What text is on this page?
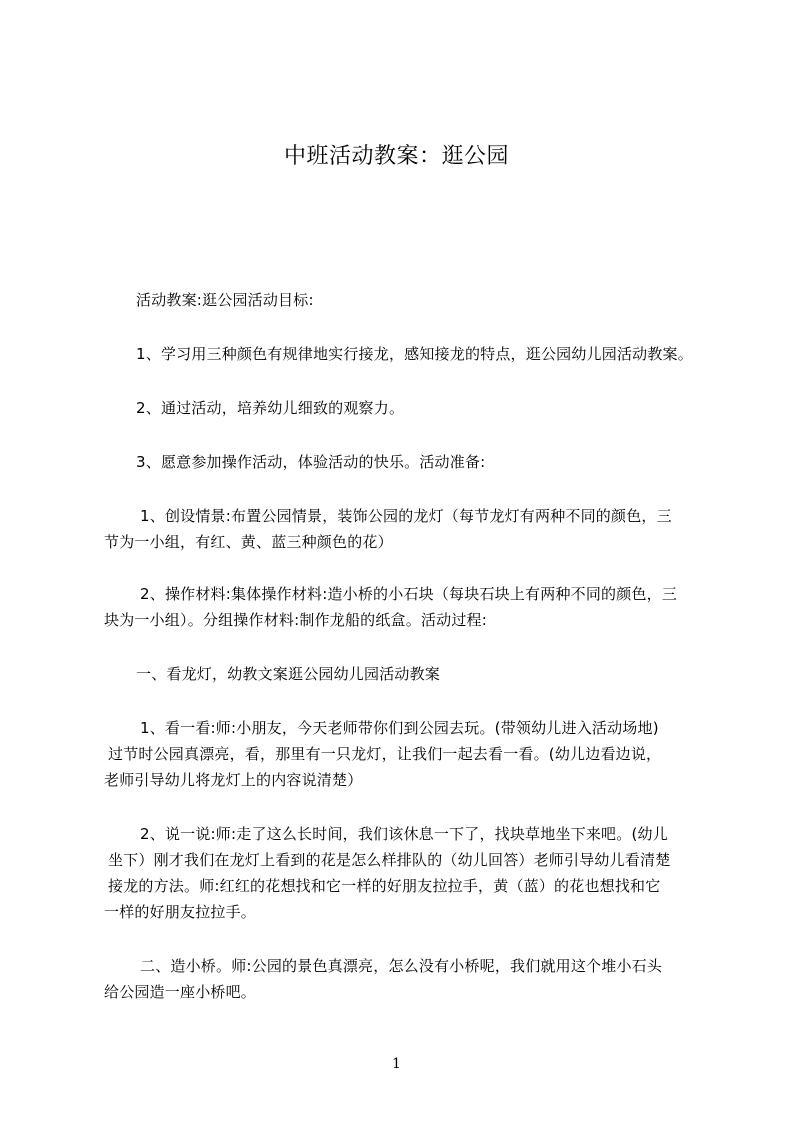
中班活动教案：逛公园
活动教案:逛公园活动目标:
1、学习用三种颜色有规律地实行接龙，感知接龙的特点，逛公园幼儿园活动教案。
2、通过活动，培养幼儿细致的观察力。
3、愿意参加操作活动，体验活动的快乐。活动准备:
1、创设情景:布置公园情景，装饰公园的龙灯（每节龙灯有两种不同的颜色，三
节为一小组，有红、黄、蓝三种颜色的花）
2、操作材料:集体操作材料:造小桥的小石块（每块石块上有两种不同的颜色，三
块为一小组）。分组操作材料:制作龙船的纸盒。活动过程:
一、看龙灯，幼教文案逛公园幼儿园活动教案
1、看一看:师:小朋友，今天老师带你们到公园去玩。(带领幼儿进入活动场地)
过节时公园真漂亮，看，那里有一只龙灯，让我们一起去看一看。(幼儿边看边说，
老师引导幼儿将龙灯上的内容说清楚）
2、说一说:师:走了这么长时间，我们该休息一下了，找块草地坐下来吧。(幼儿
坐下）刚才我们在龙灯上看到的花是怎么样排队的（幼儿回答）老师引导幼儿看清楚
接龙的方法。师:红红的花想找和它一样的好朋友拉拉手，黄（蓝）的花也想找和它
一样的好朋友拉拉手。
二、造小桥。师:公园的景色真漂亮，怎么没有小桥呢，我们就用这个堆小石头
给公园造一座小桥吧。
1
